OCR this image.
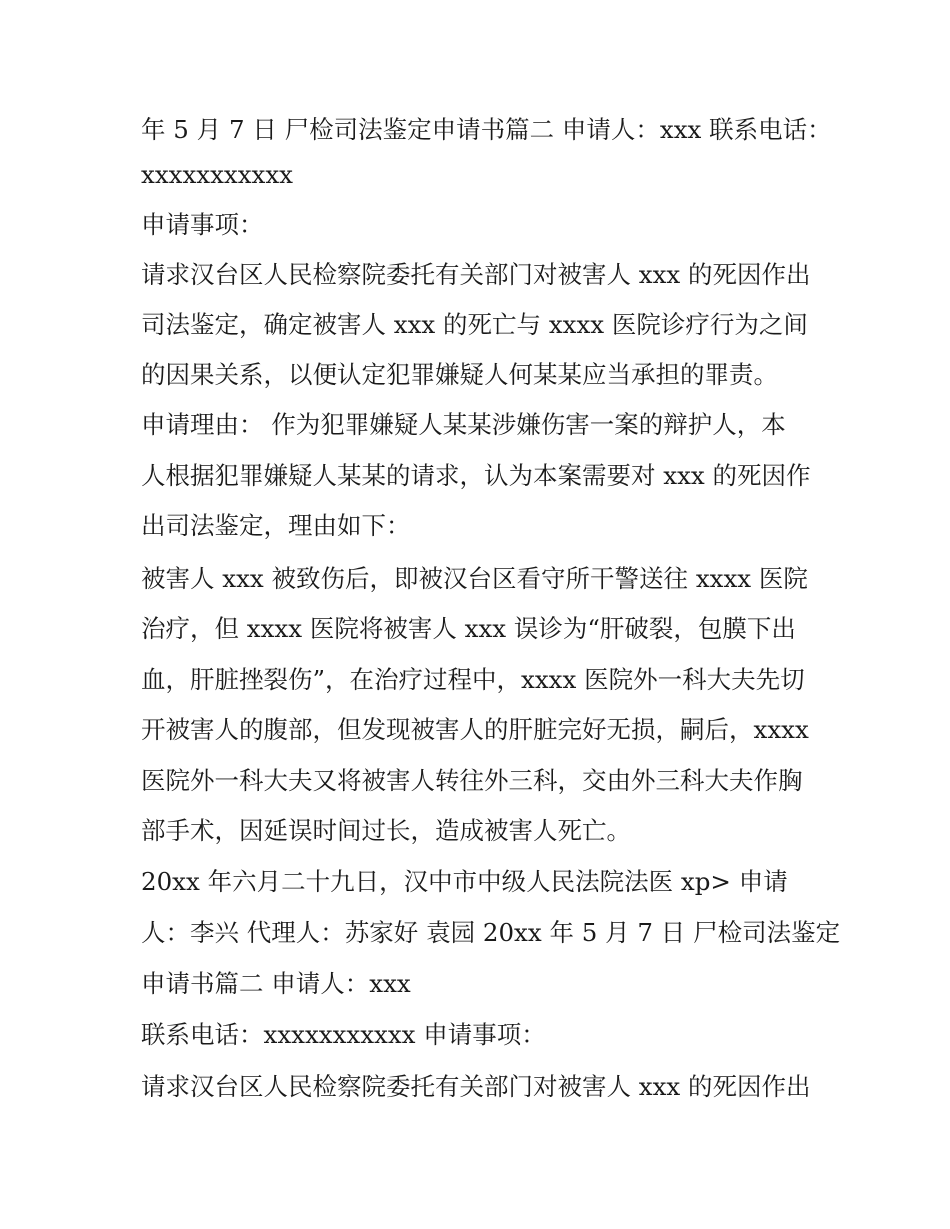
年 5 月 7 日 尸检司法鉴定申请书篇二 申请人：xxx 联系电话：

xxxxxxxxxxx

申请事项：

请求汉台区人民检察院委托有关部门对被害人 xxx 的死因作出

司法鉴定，确定被害人 xxx 的死亡与 xxxx 医院诊疗行为之间

的因果关系，以便认定犯罪嫌疑人何某某应当承担的罪责。

申请理由： 作为犯罪嫌疑人某某涉嫌伤害一案的辩护人，本

人根据犯罪嫌疑人某某的请求，认为本案需要对 xxx 的死因作

出司法鉴定，理由如下：

被害人 xxx 被致伤后，即被汉台区看守所干警送往 xxxx 医院

治疗，但 xxxx 医院将被害人 xxx 误诊为“肝破裂，包膜下出

血，肝脏挫裂伤”，在治疗过程中，xxxx 医院外一科大夫先切

开被害人的腹部，但发现被害人的肝脏完好无损，嗣后，xxxx

医院外一科大夫又将被害人转往外三科，交由外三科大夫作胸

部手术，因延误时间过长，造成被害人死亡。

20xx 年六月二十九日，汉中市中级人民法院法医 xp> 申请

人：李兴 代理人：苏家好 袁园 20xx 年 5 月 7 日 尸检司法鉴定

申请书篇二 申请人：xxx

联系电话：xxxxxxxxxxx 申请事项：

请求汉台区人民检察院委托有关部门对被害人 xxx 的死因作出
